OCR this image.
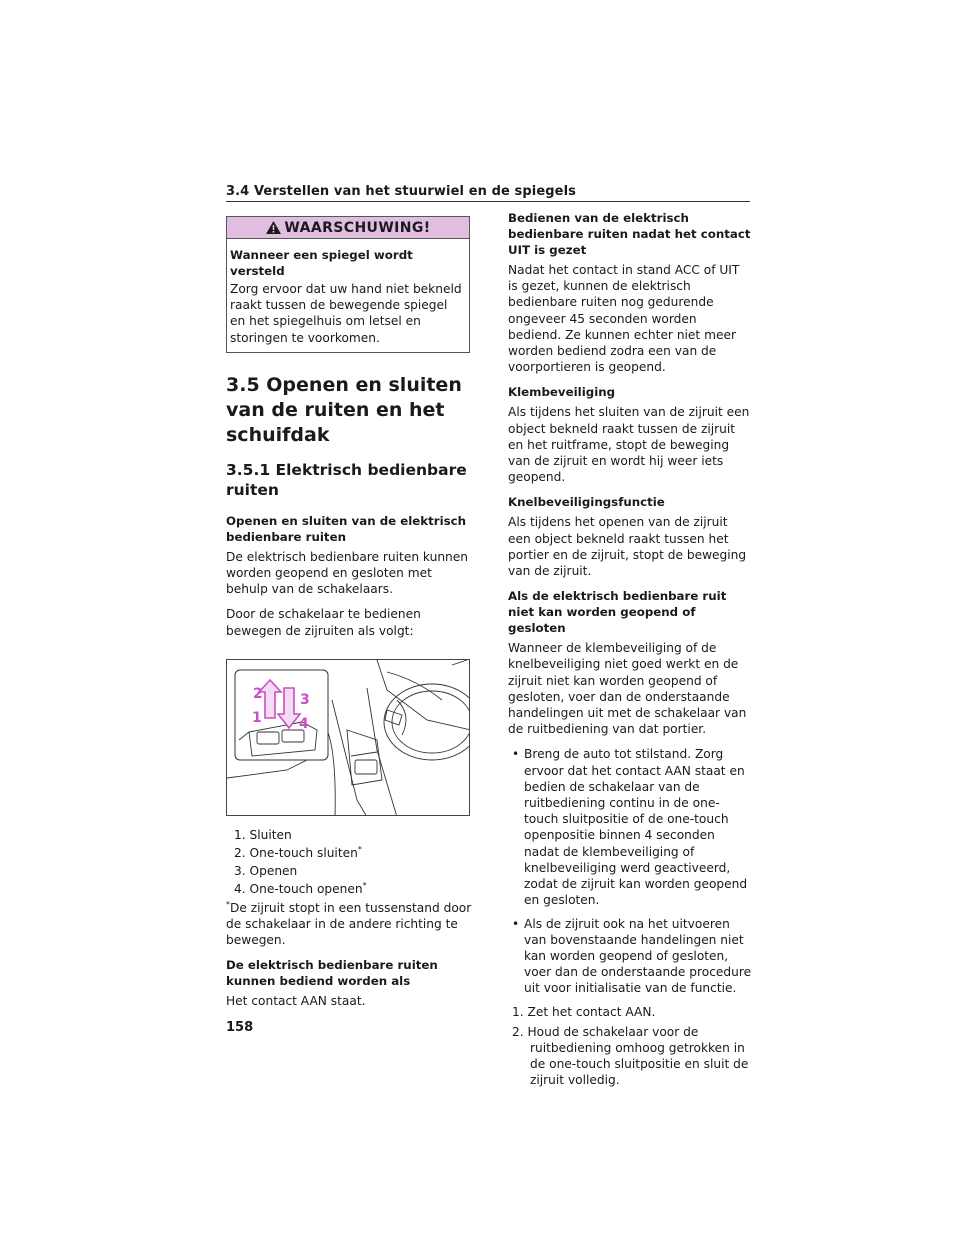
3.4 Verstellen van het stuurwiel en de spiegels
WAARSCHUWING!

Wanneer een spiegel wordt versteld

Zorg ervoor dat uw hand niet bekneld raakt tussen de bewegende spiegel en het spiegelhuis om letsel en storingen te voorkomen.

3.5 Openen en sluiten van de ruiten en het schuifdak
3.5.1 Elektrisch bedienbare ruiten

Openen en sluiten van de elektrisch bedienbare ruiten

De elektrisch bedienbare ruiten kunnen worden geopend en gesloten met behulp van de schakelaars.

Door de schakelaar te bedienen bewegen de zijruiten als volgt:

2
1
3
4
1. Sluiten
2. One-touch sluiten*
3. Openen
4. One-touch openen*

*De zijruit stopt in een tussenstand door de schakelaar in de andere richting te bewegen.

De elektrisch bedienbare ruiten kunnen bediend worden als

Het contact AAN staat.

Bedienen van de elektrisch bedienbare ruiten nadat het contact UIT is gezet

Nadat het contact in stand ACC of UIT is gezet, kunnen de elektrisch bedienbare ruiten nog gedurende ongeveer 45 seconden worden bediend. Ze kunnen echter niet meer worden bediend zodra een van de voorportieren is geopend.

Klembeveiliging

Als tijdens het sluiten van de zijruit een object bekneld raakt tussen de zijruit en het ruitframe, stopt de beweging van de zijruit en wordt hij weer iets geopend.

Knelbeveiligingsfunctie

Als tijdens het openen van de zijruit een object bekneld raakt tussen het portier en de zijruit, stopt de beweging van de zijruit.

Als de elektrisch bedienbare ruit niet kan worden geopend of gesloten

Wanneer de klembeveiliging of de knelbeveiliging niet goed werkt en de zijruit niet kan worden geopend of gesloten, voer dan de onderstaande handelingen uit met de schakelaar van de ruitbediening van dat portier.

• Breng de auto tot stilstand. Zorg ervoor dat het contact AAN staat en bedien de schakelaar van de ruitbediening continu in de one-touch sluitpositie of de one-touch openpositie binnen 4 seconden nadat de klembeveiliging of knelbeveiliging werd geactiveerd, zodat de zijruit kan worden geopend en gesloten.
• Als de zijruit ook na het uitvoeren van bovenstaande handelingen niet kan worden geopend of gesloten, voer dan de onderstaande procedure uit voor initialisatie van de functie.
1. Zet het contact AAN.
2. Houd de schakelaar voor de ruitbediening omhoog getrokken in de one-touch sluitpositie en sluit de zijruit volledig.
158
